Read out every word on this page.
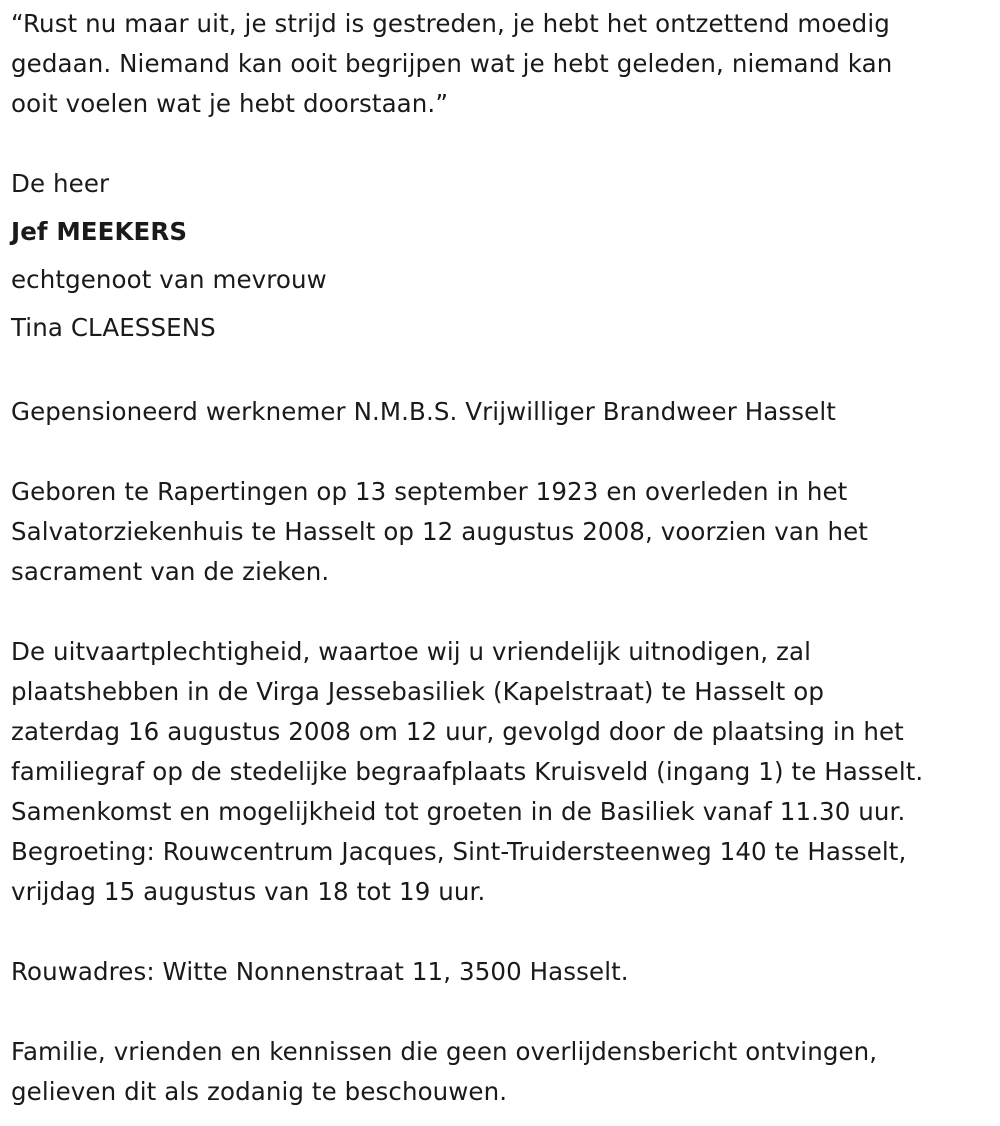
“Rust nu maar uit, je strijd is gestreden, je hebt het ontzettend moedig
gedaan. Niemand kan ooit begrijpen wat je hebt geleden, niemand kan
ooit voelen wat je hebt doorstaan.”

De heer

Jef MEEKERS

echtgenoot van mevrouw

Tina CLAESSENS

Gepensioneerd werknemer N.M.B.S. Vrijwilliger Brandweer Hasselt

Geboren te Rapertingen op 13 september 1923 en overleden in het
Salvatorziekenhuis te Hasselt op 12 augustus 2008, voorzien van het
sacrament van de zieken.

De uitvaartplechtigheid, waartoe wij u vriendelijk uitnodigen, zal
plaatshebben in de Virga Jessebasiliek (Kapelstraat) te Hasselt op
zaterdag 16 augustus 2008 om 12 uur, gevolgd door de plaatsing in het
familiegraf op de stedelijke begraafplaats Kruisveld (ingang 1) te Hasselt.
Samenkomst en mogelijkheid tot groeten in de Basiliek vanaf 11.30 uur.
Begroeting: Rouwcentrum Jacques, Sint-Truidersteenweg 140 te Hasselt,
vrijdag 15 augustus van 18 tot 19 uur.

Rouwadres: Witte Nonnenstraat 11, 3500 Hasselt.

Familie, vrienden en kennissen die geen overlijdensbericht ontvingen,
gelieven dit als zodanig te beschouwen.
